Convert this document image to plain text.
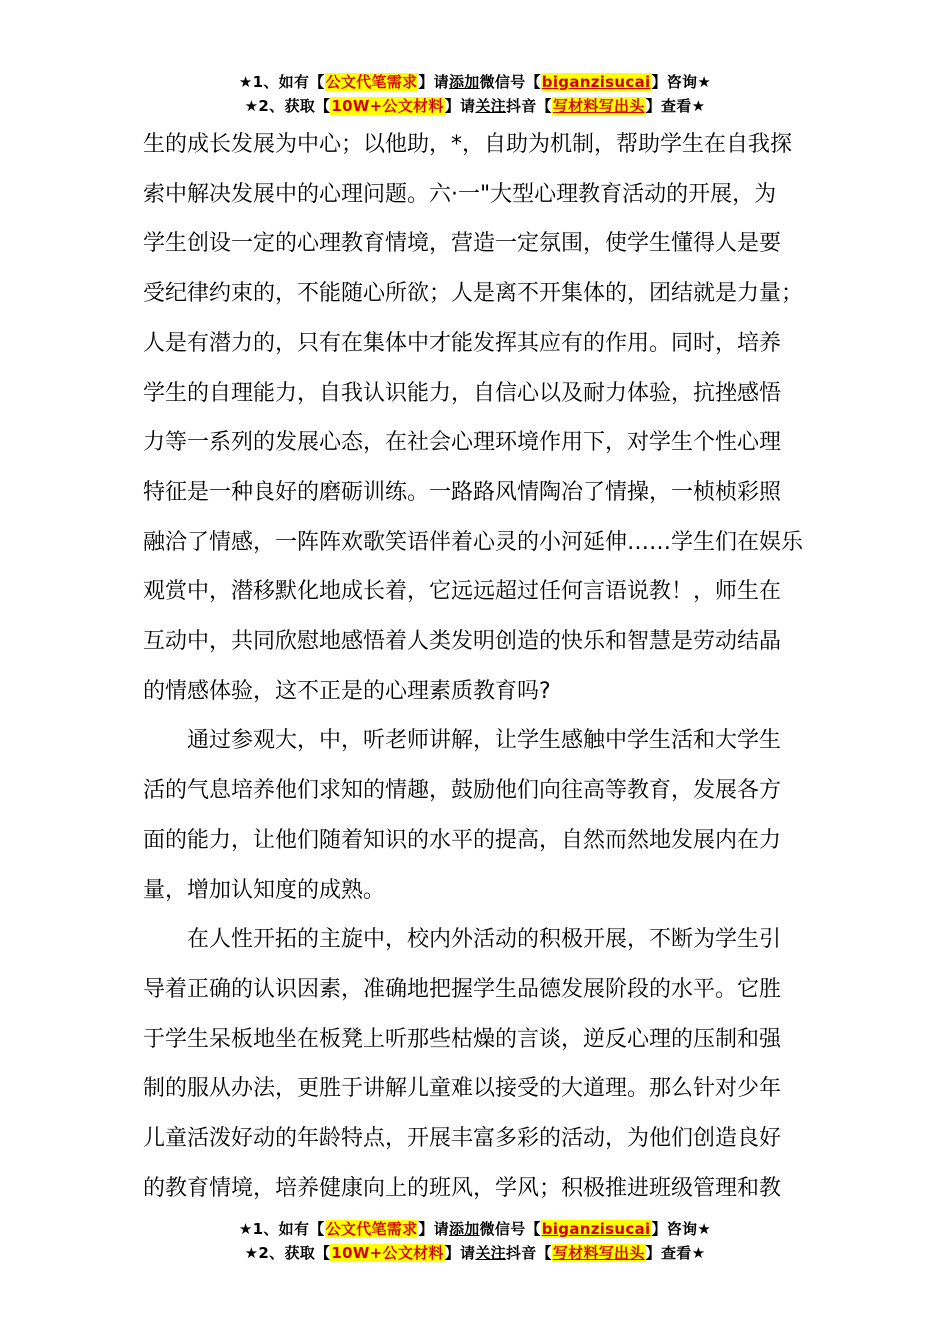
★1、如有【公文代笔需求】请添加微信号【biganzisucai】咨询★
★2、获取【10W+公文材料】请关注抖音【写材料写出头】查看★

生的成长发展为中心；以他助，*，自助为机制，帮助学生在自我探
索中解决发展中的心理问题。六·一"大型心理教育活动的开展，为
学生创设一定的心理教育情境，营造一定氛围，使学生懂得人是要
受纪律约束的，不能随心所欲；人是离不开集体的，团结就是力量；
人是有潜力的，只有在集体中才能发挥其应有的作用。同时，培养
学生的自理能力，自我认识能力，自信心以及耐力体验，抗挫感悟
力等一系列的发展心态，在社会心理环境作用下，对学生个性心理
特征是一种良好的磨砺训练。一路路风情陶冶了情操，一桢桢彩照
融洽了情感，一阵阵欢歌笑语伴着心灵的小河延伸……学生们在娱乐
观赏中，潜移默化地成长着，它远远超过任何言语说教！，师生在
互动中，共同欣慰地感悟着人类发明创造的快乐和智慧是劳动结晶
的情感体验，这不正是的心理素质教育吗?

通过参观大，中，听老师讲解，让学生感触中学生活和大学生
活的气息培养他们求知的情趣，鼓励他们向往高等教育，发展各方
面的能力，让他们随着知识的水平的提高，自然而然地发展内在力
量，增加认知度的成熟。

在人性开拓的主旋中，校内外活动的积极开展，不断为学生引
导着正确的认识因素，准确地把握学生品德发展阶段的水平。它胜
于学生呆板地坐在板凳上听那些枯燥的言谈，逆反心理的压制和强
制的服从办法，更胜于讲解儿童难以接受的大道理。那么针对少年
儿童活泼好动的年龄特点，开展丰富多彩的活动，为他们创造良好
的教育情境，培养健康向上的班风，学风；积极推进班级管理和教

★1、如有【公文代笔需求】请添加微信号【biganzisucai】咨询★
★2、获取【10W+公文材料】请关注抖音【写材料写出头】查看★
